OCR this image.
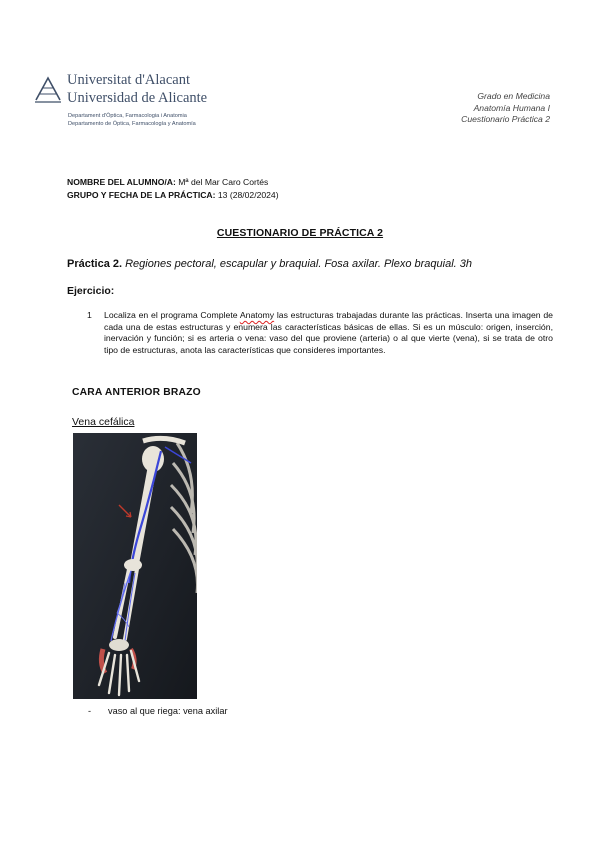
Universitat d'Alacant
Universidad de Alicante
Departament d'Òptica, Farmacologia i Anatomia
Departamento de Óptica, Farmacología y Anatomía
Grado en Medicina
Anatomía Humana I
Cuestionario Práctica 2
NOMBRE DEL ALUMNO/A: Mª del Mar Caro Cortés
GRUPO Y FECHA DE LA PRÁCTICA: 13 (28/02/2024)
CUESTIONARIO DE PRÁCTICA 2
Práctica 2. Regiones pectoral, escapular y braquial. Fosa axilar. Plexo braquial. 3h
Ejercicio:
1 Localiza en el programa Complete Anatomy las estructuras trabajadas durante las prácticas. Inserta una imagen de cada una de estas estructuras y enumera las características básicas de ellas. Si es un músculo: origen, inserción, inervación y función; si es arteria o vena: vaso del que proviene (arteria) o al que vierte (vena), si se trata de otro tipo de estructuras, anota las características que consideres importantes.
CARA ANTERIOR BRAZO
Vena cefálica
- vaso al que riega: vena axilar
